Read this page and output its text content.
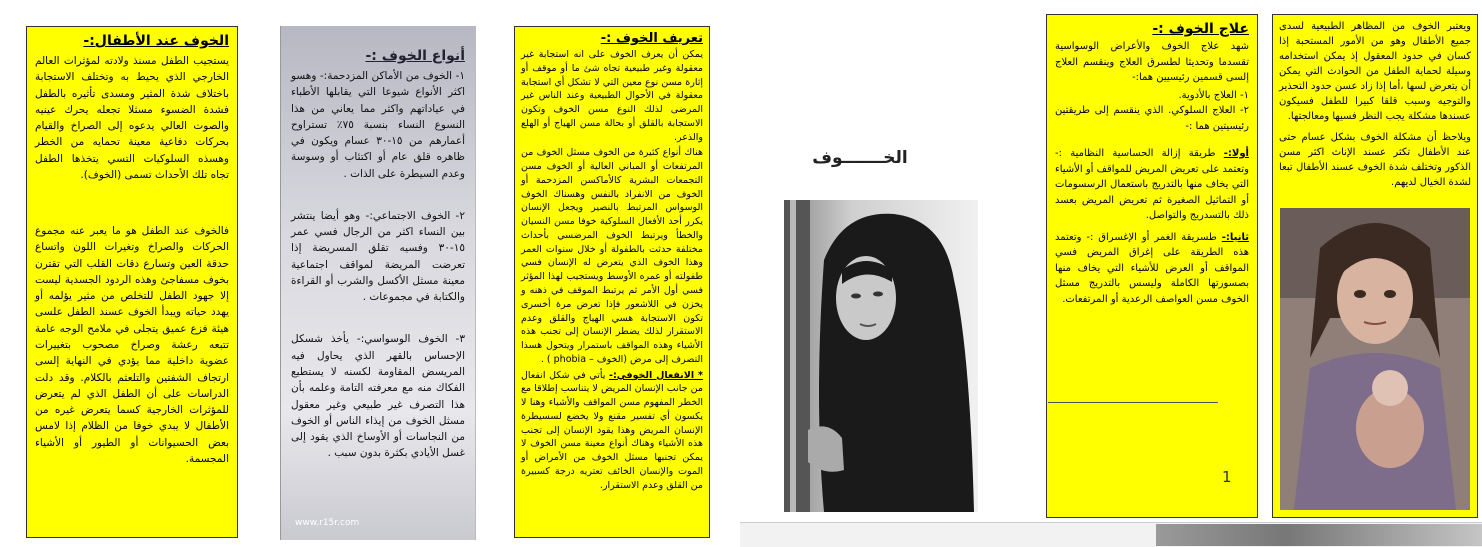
الخوف عند الأطفال:-

يستجيب الطفل مسنذ ولادته لمؤثرات العالم الخارجي الذي يحيط به وتختلف الاستجابة باختلاف شدة المثير ومسدى تأثيره بالطفل فشدة الضسوء مسثلا تجعله يحرك عينيه والصوت العالي يدعوه إلى الصراخ والقيام بحركات دفاعية معينة تحمايه من الخطر وهسذه السلوكيات التسي يتخذها الطفل تجاه تلك الأحداث تسمى (الخوف).

فالخوف عند الطفل هو ما يعبر عنه مجموع الحركات والصراخ وتغيرات اللون واتساع حدقة العين وتسارع دقات القلب التي تقترن بخوف مسفاجئ وهذه الردود الجسدية ليست إلا جهود الطفل للتخلص من مثير يؤلمه أو يهدد حياته ويبدأ الخوف عسند الطفل علسى هيئة فزع عميق يتجلى في ملامح الوجه عامة تتبعه رعشة وصراخ مصحوب بتغييرات عضوية داخلية مما يؤدي في النهاية إلسى ارتجاف الشفتين والتلعثم بالكلام. وقد دلت الدراسات على أن الطفل الذي لم يتعرض للمؤثرات الخارجية كسما يتعرض غيره من الأطفال لا يبدي خوفا من الظلام إذا لامس بعض الحسيوانات أو الطيور أو الأشياء المجسمة.

أنواع الخوف :-

١- الخوف من الأماكن المزدحمة:- وهسو اكثر الأنواع شيوعا التي يقابلها الأطباء في عياداتهم واكثر مما يعاني من هذا النسوع النساء بنسبة ٧٥٪ تستراوح أعمارهم من ١٥-٣٠ عسام ويكون في ظاهره قلق عام أو اكتئاب أو وسوسة وعدم السيطرة على الذات .

٢- الخوف الاجتماعي:- وهو أيضا ينتشر بين النساء اكثر من الرجال فسي عمر ١٥-٣٠ وفسيه تقلق المسريضة إذا تعرضت المريضة لمواقف اجتماعية معينة مسثل الأكسل والشرب أو القراءة والكتابة في مجموعات .

٣- الخوف الوسواسي:- يأخذ شسكل الإحساس بالقهر الذي يحاول فيه المريسض المقاومة لكسنه لا يستطيع الفكاك منه مع معرفته التامة وعلمه بأن هذا التصرف غير طبيعي وغير معقول مسثل الخوف من إيذاء الناس أو الخوف من النجاسات أو الأوساخ الذي يقود إلى غسل الأيادي بكثرة بدون سبب .

www.r15r.com
تعريف الخوف :-

يمكن أن يعرف الخوف على انه استجابة غير معقولة وغير طبيعية تجاه شئ ما أو موقف أو إثارة مسن نوع معين التي لا تشكل أي استجابة معقولة في الأحوال الطبيعية وعند الناس غير المرضى لذلك النوع مسن الخوف وتكون الاستجابة بالقلق أو بحالة مسن الهياج أو الهلع والذعر.

هناك أنواع كثيرة من الخوف مسثل الخوف من المرتفعات أو المباني العالية أو الخوف مسن التجمعات البشرية كالأماكسن المزدحمة أو الخوف من الانفراد بالنفس وهسناك الخوف الوسواس المرتبط بالنصير ويجعل الإنسان يكرر أحد الأفعال السلوكية خوفا مسن النسيان والخطأ ويرتبط الخوف المرضسي بأحداث مختلفة حدثت بالطفولة أو خلال سنوات العمر وهذا الخوف الذي يتعرض له الإنسان فسي طفولته أو عمره الأوسط ويستجيب لهذا المؤثر فسي أول الأمر ثم يرتبط الموقف في ذهنه و يخزن في اللاشعور فإذا تعرض مرة أخسرى تكون الاستجابة هسي الهياج والقلق وعدم الاستقرار لذلك يضطر الإنسان إلى تجنب هذه الأشياء وهذه المواقف باستمرار ويتحول هسذا التصرف إلى مرض (الخوف – phobia ) .

* الانفعال الخوفي:- يأتي في شكل انفعال من جانب الإنسان المريض لا يتناسب إطلاقا مع الخطر المفهوم مسن المواقف والأشياء وهنا لا يكسون أي تفسير مقنع ولا يخضع لسسيطرة الإنسان المريض وهذا يقود الإنسان إلى تجنب هذه الأشياء وهناك أنواع معينة مسن الخوف لا يمكن تجنبها مسثل الخوف من الأمراض أو الموت والإنسان الخائف تعتريه درجة كسبيرة من القلق وعدم الاستقرار.

الخـــــــوف
علاج الخوف :-

شهد علاج الخوف والأعراض الوسواسية تقسدما وتحديثا لطسرق العلاج وينقسم العلاج إلسى قسمين رئيسيين هما:-

١- العلاج بالأدوية.
٢- العلاج السلوكي. الذي ينقسم إلى طريقتين رئيسيتين هما :-

أولا:- طريقة إزالة الحساسية النظامية :- وتعتمد على تعريض المريض للمواقف أو الأشياء التي يخاف منها بالتدريج باستعمال الرسسومات أو التماثيل الصغيرة ثم تعريض المريض بعسد ذلك بالتسدريج والتواصل.

ثانيا:- طسريقة الغمر أو الإغسراق :- وتعتمد هذه الطريقة على إغراق المريض فسي المواقف أو العرض للأشياء التي يخاف منها بصسورتها الكاملة وليسس بالتدريج مسثل الخوف مسن العواصف الرعدية أو المرتفعات.

1

ويعتبر الخوف من المظاهر الطبيعية لسدى جميع الأطفال وهو من الأمور المستحبة إذا كسان في حدود المعقول إذ يمكن استخدامه وسيلة لحماية الطفل من الحوادث التي يمكن أن يتعرض لسها ،أما إذا زاد عسن حدود التحذير والتوجيه وسبب قلقا كبيرا للطفل فسيكون عسندها مشكلة يجب النظر فسيها ومعالجتها.

ويلاحظ أن مشكلة الخوف بشكل عسام حتى عند الأطفال تكثر عسند الإناث اكثر مسن الذكور وتختلف شدة الخوف عسند الأطفال تبعا لشدة الخيال لديهم.
